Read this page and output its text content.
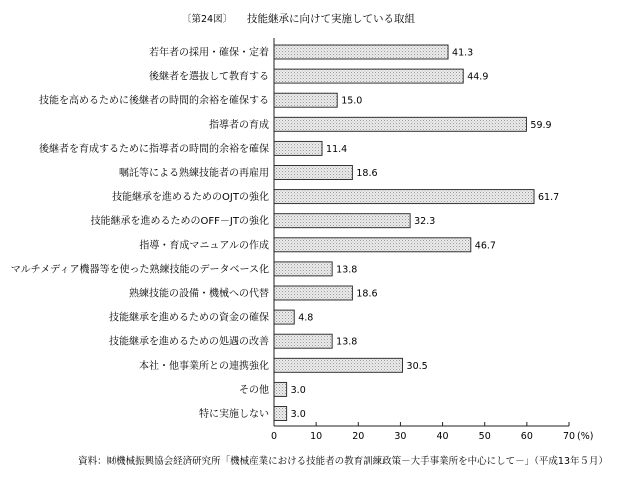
〔第24図〕 技能継承に向けて実施している取組
若年者の採用・確保・定着	41.3
後継者を選抜して教育する	44.9
技能を高めるために後継者の時間的余裕を確保する	15.0
指導者の育成	59.9
後継者を育成するために指導者の時間的余裕を確保	11.4
嘱託等による熟練技能者の再雇用	18.6
技能継承を進めるためのOJTの強化	61.7
技能継承を進めるためのOFF－JTの強化	32.3
指導・育成マニュアルの作成	46.7
マルチメディア機器等を使った熟練技能のデータベース化	13.8
熟練技能の設備・機械への代替	18.6
技能継承を進めるための資金の確保	4.8
技能継承を進めるための処遇の改善	13.8
本社・他事業所との連携強化	30.5
その他 3.0
特に実施しない 3.0
0	10	20	30	40	50	60	70 (%)
資料：㈶機械振興協会経済研究所「機械産業における技能者の教育訓練政策－大手事業所を中心にして－」（平成13年５月）
